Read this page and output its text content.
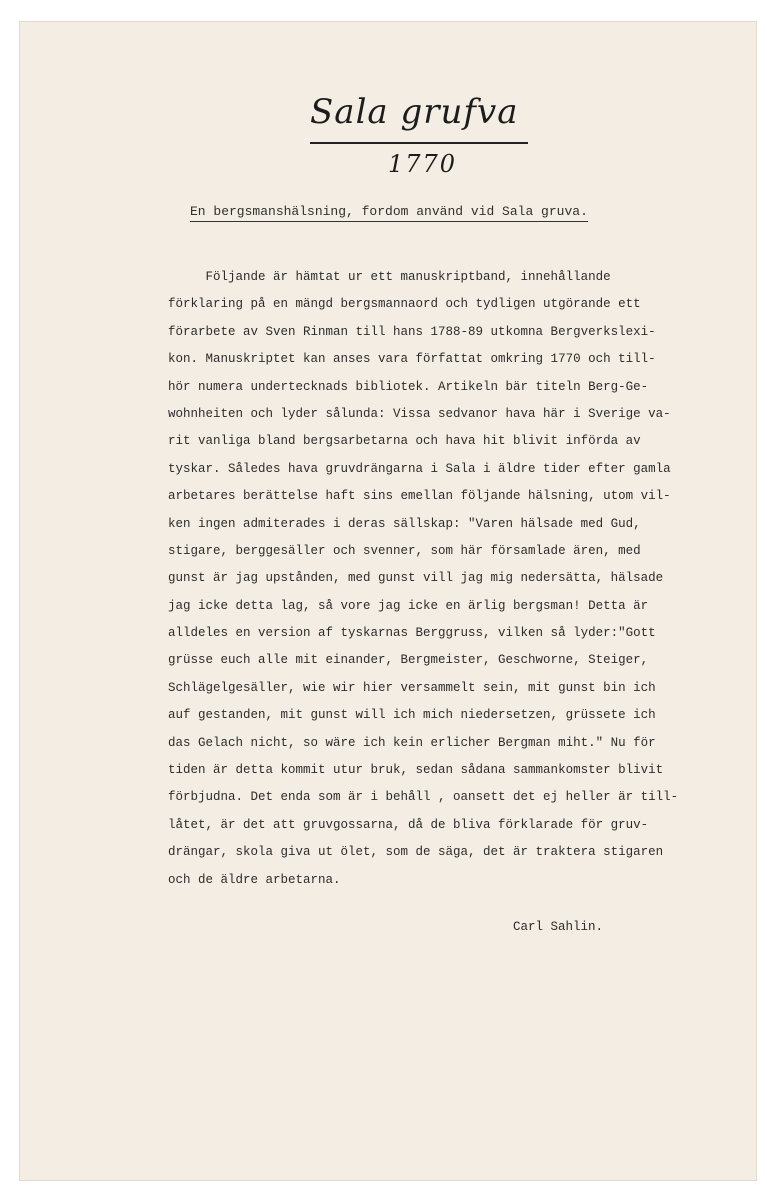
Sala grufva
1770
En bergsmanshälsning, fordom använd vid Sala gruva.
Följande är hämtat ur ett manuskriptband, innehållande
förklaring på en mängd bergsmannaord och tydligen utgörande ett
förarbete av Sven Rinman till hans 1788-89 utkomna Bergverkslexi-
kon. Manuskriptet kan anses vara författat omkring 1770 och till-
hör numera undertecknads bibliotek. Artikeln bär titeln Berg-Ge-
wohnheiten och lyder sålunda: Vissa sedvanor hava här i Sverige va-
rit vanliga bland bergsarbetarna och hava hit blivit införda av
tyskar. Således hava gruvdrängarna i Sala i äldre tider efter gamla
arbetares berättelse haft sins emellan följande hälsning, utom vil-
ken ingen admiterades i deras sällskap: "Varen hälsade med Gud,
stigare, berggesäller och svenner, som här församlade ären, med
gunst är jag upstånden, med gunst vill jag mig nedersätta, hälsade
jag icke detta lag, så vore jag icke en ärlig bergsman! Detta är
alldeles en version af tyskarnas Berggruss, vilken så lyder:"Gott
grüsse euch alle mit einander, Bergmeister, Geschworne, Steiger,
Schlägelgesäller, wie wir hier versammelt sein, mit gunst bin ich
auf gestanden, mit gunst will ich mich niedersetzen, grüssete ich
das Gelach nicht, so wäre ich kein erlicher Bergman miht." Nu för
tiden är detta kommit utur bruk, sedan sådana sammankomster blivit
förbjudna. Det enda som är i behåll , oansett det ej heller är till-
låtet, är det att gruvgossarna, då de bliva förklarade för gruv-
drängar, skola giva ut ölet, som de säga, det är traktera stigaren
och de äldre arbetarna.
Carl Sahlin.
